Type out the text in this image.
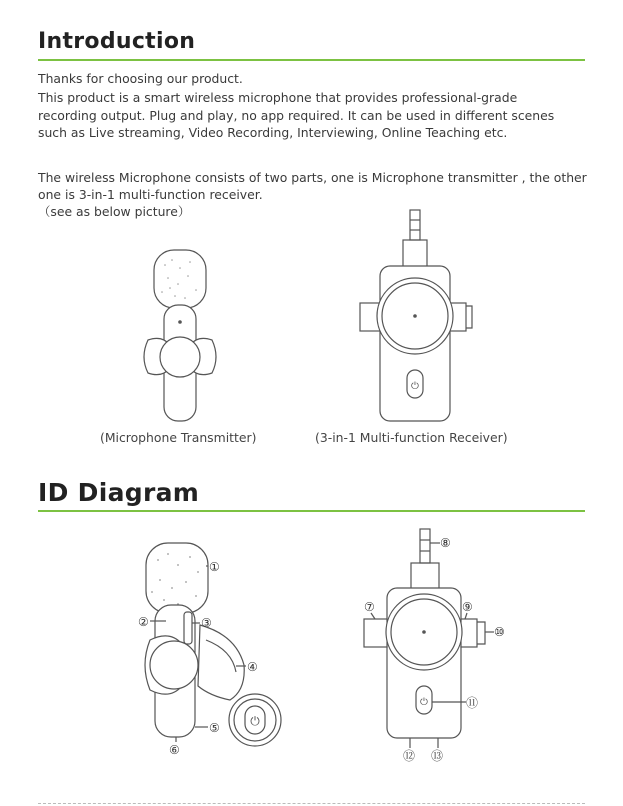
Introduction

Thanks for choosing our product.

This product is a smart wireless microphone that provides professional-grade

recording output. Plug and play, no app required. It can be used in different scenes

such as Live streaming, Video Recording, Interviewing, Online Teaching etc.

The wireless Microphone consists of two parts, one is Microphone transmitter , the other

one is 3-in-1 multi-function receiver.

（see as below picture）

⏻
⏻
⏻
①
②	③
④
⑤
⑥
⑦
⑧
⑨
⑩
⑪
⑫ ⑬
(Microphone Transmitter)	(3-in-1 Multi-function Receiver)
ID Diagram
